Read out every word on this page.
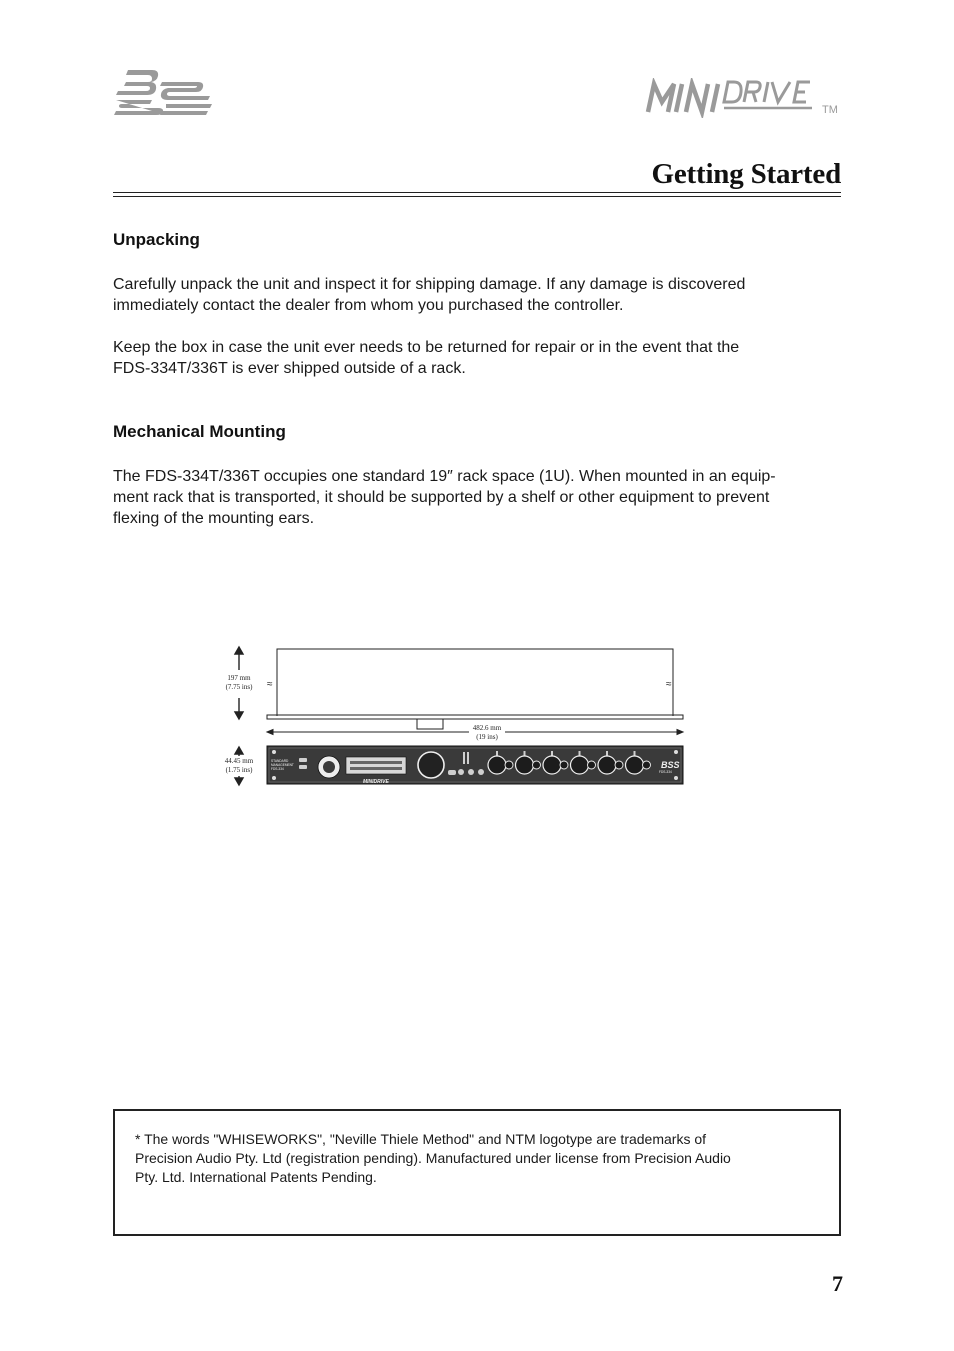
TM
Getting Started
Unpacking

Carefully unpack the unit and inspect it for shipping damage. If any damage is discovered
immediately contact the dealer from whom you purchased the controller.

Keep the box in case the unit ever needs to be returned for repair or in the event that the
FDS-334T/336T is ever shipped outside of a rack.

Mechanical Mounting

The FDS-334T/336T occupies one standard 19″ rack space (1U). When mounted in an equip-
ment rack that is transported, it should be supported by a shelf or other equipment to prevent
flexing of the mounting ears.

≈	≈
197 mm
(7.75 ins)
482.6 mm
(19 ins)
44.45 mm
(1.75 ins)
STANDARD
MANAGEMENT
FDS-334
MINIDRIVE
BSS
FDS-334

* The words "WHISEWORKS", "Neville Thiele Method" and NTM logotype are trademarks of
Precision Audio Pty. Ltd (registration pending). Manufactured under license from Precision Audio
Pty. Ltd. International Patents Pending.

7
